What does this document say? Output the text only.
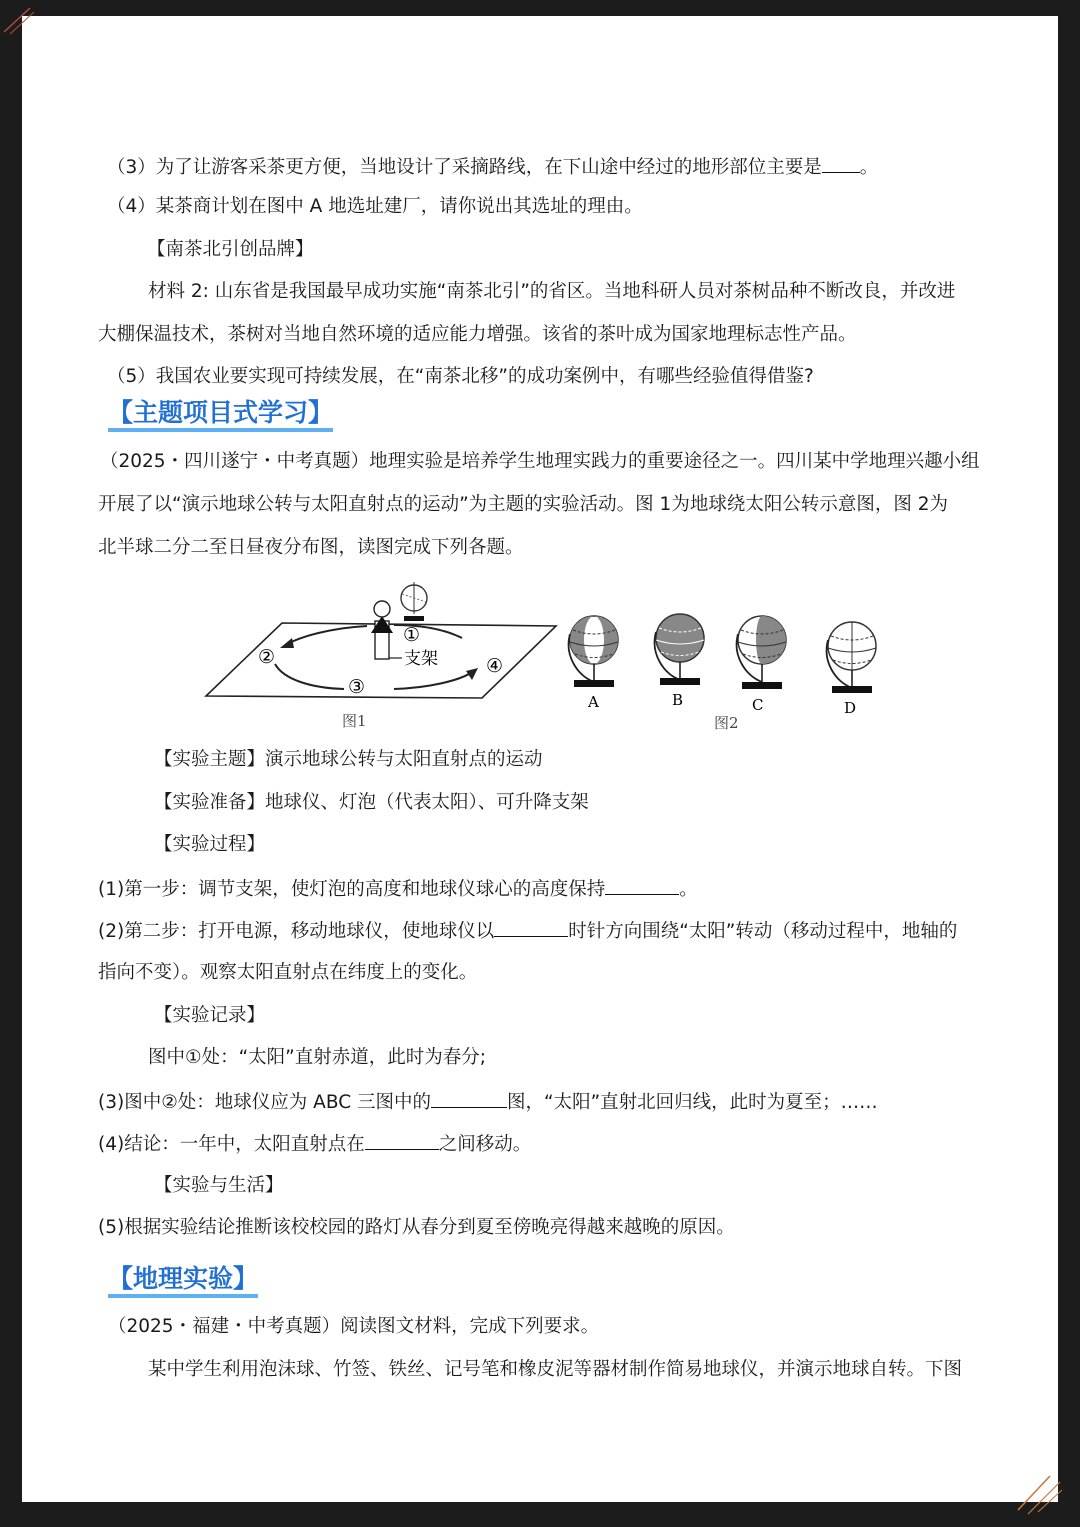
（3）为了让游客采茶更方便，当地设计了采摘路线，在下山途中经过的地形部位主要是 。
（4）某茶商计划在图中 A 地选址建厂，请你说出其选址的理由。
【南茶北引创品牌】
材料 2: 山东省是我国最早成功实施“南茶北引”的省区。当地科研人员对茶树品种不断改良，并改进
大棚保温技术，茶树对当地自然环境的适应能力增强。该省的茶叶成为国家地理标志性产品。
（5）我国农业要实现可持续发展，在“南茶北移”的成功案例中，有哪些经验值得借鉴?
【主题项目式学习】
（2025・四川遂宁・中考真题）地理实验是培养学生地理实践力的重要途径之一。四川某中学地理兴趣小组
开展了以“演示地球公转与太阳直射点的运动”为主题的实验活动。图 1为地球绕太阳公转示意图，图 2为
北半球二分二至日昼夜分布图，读图完成下列各题。
①
②
③
④
支架
图1
A	B	C	D
图2
【实验主题】演示地球公转与太阳直射点的运动
【实验准备】地球仪、灯泡（代表太阳）、可升降支架
【实验过程】
(1)第一步：调节支架，使灯泡的高度和地球仪球心的高度保持	。
(2)第二步：打开电源，移动地球仪，使地球仪以	时针方向围绕“太阳”转动（移动过程中，地轴的
指向不变）。观察太阳直射点在纬度上的变化。
【实验记录】
图中①处：“太阳”直射赤道，此时为春分;
(3)图中②处：地球仪应为 ABC 三图中的	图，“太阳”直射北回归线，此时为夏至；……
(4)结论：一年中，太阳直射点在	之间移动。
【实验与生活】
(5)根据实验结论推断该校校园的路灯从春分到夏至傍晚亮得越来越晚的原因。
【地理实验】
（2025・福建・中考真题）阅读图文材料，完成下列要求。
某中学生利用泡沫球、竹签、铁丝、记号笔和橡皮泥等器材制作简易地球仪，并演示地球自转。下图
